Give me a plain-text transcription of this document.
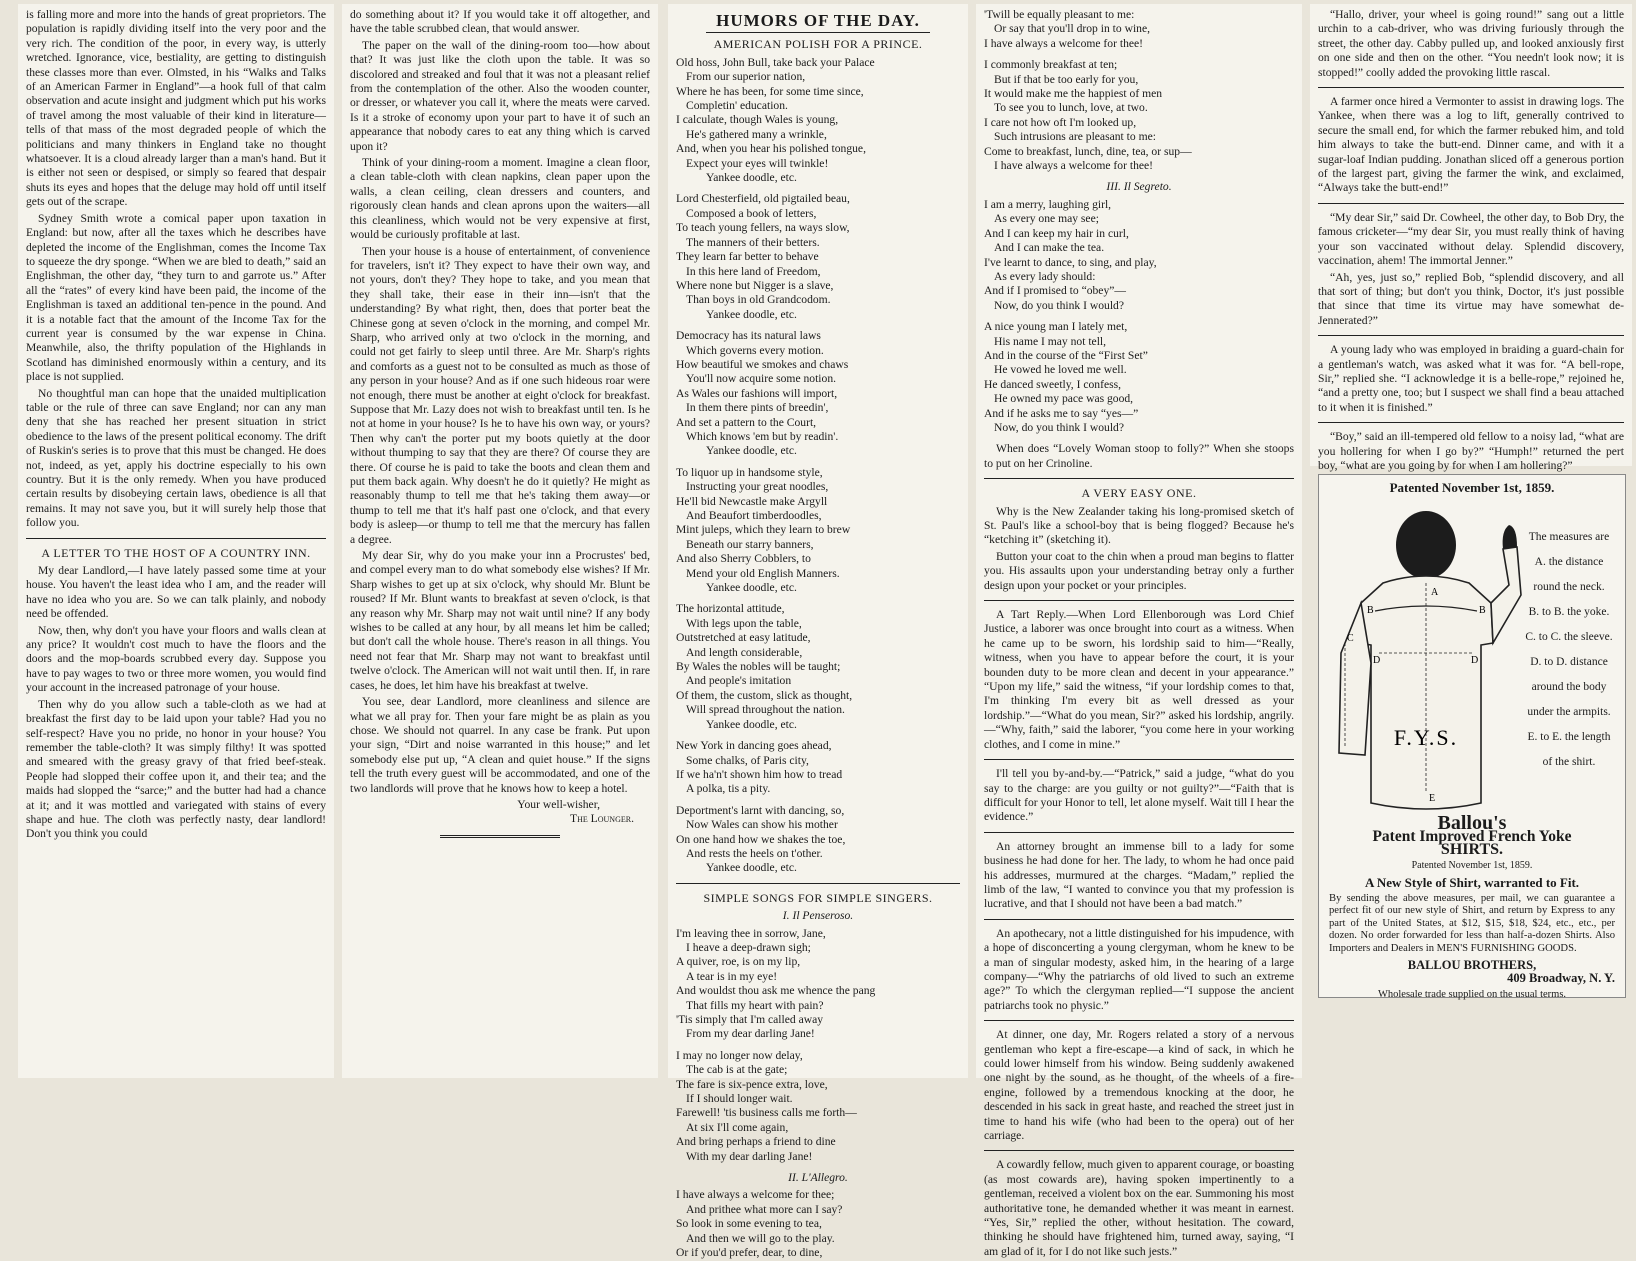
is falling more and more into the hands of great proprietors. The population is rapidly dividing itself into the very poor and the very rich. The condition of the poor, in every way, is utterly wretched. Ignorance, vice, bestiality, are getting to distinguish these classes more than ever. Olmsted, in his “Walks and Talks of an American Farmer in England”—a hook full of that calm observation and acute insight and judgment which put his works of travel among the most valuable of their kind in literature—tells of that mass of the most degraded people of which the politicians and many thinkers in England take no thought whatsoever. It is a cloud already larger than a man's hand. But it is either not seen or despised, or simply so feared that despair shuts its eyes and hopes that the deluge may hold off until itself gets out of the scrape.

Sydney Smith wrote a comical paper upon taxation in England: but now, after all the taxes which he describes have depleted the income of the Englishman, comes the Income Tax to squeeze the dry sponge. “When we are bled to death,” said an Englishman, the other day, “they turn to and garrote us.” After all the “rates” of every kind have been paid, the income of the Englishman is taxed an additional ten-pence in the pound. And it is a notable fact that the amount of the Income Tax for the current year is consumed by the war expense in China. Meanwhile, also, the thrifty population of the Highlands in Scotland has diminished enormously within a century, and its place is not supplied.

No thoughtful man can hope that the unaided multiplication table or the rule of three can save England; nor can any man deny that she has reached her present situation in strict obedience to the laws of the present political economy. The drift of Ruskin's series is to prove that this must be changed. He does not, indeed, as yet, apply his doctrine especially to his own country. But it is the only remedy. When you have produced certain results by disobeying certain laws, obedience is all that remains. It may not save you, but it will surely help those that follow you.

A LETTER TO THE HOST OF A COUNTRY INN.

My dear Landlord,—I have lately passed some time at your house. You haven't the least idea who I am, and the reader will have no idea who you are. So we can talk plainly, and nobody need be offended.

Now, then, why don't you have your floors and walls clean at any price? It wouldn't cost much to have the floors and the doors and the mop-boards scrubbed every day. Suppose you have to pay wages to two or three more women, you would find your account in the increased patronage of your house.

Then why do you allow such a table-cloth as we had at breakfast the first day to be laid upon your table? Had you no self-respect? Have you no pride, no honor in your house? You remember the table-cloth? It was simply filthy! It was spotted and smeared with the greasy gravy of that fried beef-steak. People had slopped their coffee upon it, and their tea; and the maids had slopped the “sarce;” and the butter had had a chance at it; and it was mottled and variegated with stains of every shape and hue. The cloth was perfectly nasty, dear landlord! Don't you think you could

do something about it? If you would take it off altogether, and have the table scrubbed clean, that would answer.

The paper on the wall of the dining-room too—how about that? It was just like the cloth upon the table. It was so discolored and streaked and foul that it was not a pleasant relief from the contemplation of the other. Also the wooden counter, or dresser, or whatever you call it, where the meats were carved. Is it a stroke of economy upon your part to have it of such an appearance that nobody cares to eat any thing which is carved upon it?

Think of your dining-room a moment. Imagine a clean floor, a clean table-cloth with clean napkins, clean paper upon the walls, a clean ceiling, clean dressers and counters, and rigorously clean hands and clean aprons upon the waiters—all this cleanliness, which would not be very expensive at first, would be curiously profitable at last.

Then your house is a house of entertainment, of convenience for travelers, isn't it? They expect to have their own way, and not yours, don't they? They hope to take, and you mean that they shall take, their ease in their inn—isn't that the understanding? By what right, then, does that porter beat the Chinese gong at seven o'clock in the morning, and compel Mr. Sharp, who arrived only at two o'clock in the morning, and could not get fairly to sleep until three. Are Mr. Sharp's rights and comforts as a guest not to be consulted as much as those of any person in your house? And as if one such hideous roar were not enough, there must be another at eight o'clock for breakfast. Suppose that Mr. Lazy does not wish to breakfast until ten. Is he not at home in your house? Is he to have his own way, or yours? Then why can't the porter put my boots quietly at the door without thumping to say that they are there? Of course they are there. Of course he is paid to take the boots and clean them and put them back again. Why doesn't he do it quietly? He might as reasonably thump to tell me that he's taking them away—or thump to tell me that it's half past one o'clock, and that every body is asleep—or thump to tell me that the mercury has fallen a degree.

My dear Sir, why do you make your inn a Procrustes' bed, and compel every man to do what somebody else wishes? If Mr. Sharp wishes to get up at six o'clock, why should Mr. Blunt be roused? If Mr. Blunt wants to breakfast at seven o'clock, is that any reason why Mr. Sharp may not wait until nine? If any body wishes to be called at any hour, by all means let him be called; but don't call the whole house. There's reason in all things. You need not fear that Mr. Sharp may not want to breakfast until twelve o'clock. The American will not wait until then. If, in rare cases, he does, let him have his breakfast at twelve.

You see, dear Landlord, more cleanliness and silence are what we all pray for. Then your fare might be as plain as you chose. We should not quarrel. In any case be frank. Put upon your sign, “Dirt and noise warranted in this house;” and let somebody else put up, “A clean and quiet house.” If the signs tell the truth every guest will be accommodated, and one of the two landlords will prove that he knows how to keep a hotel.

Your well-wisher,
The Lounger.
HUMORS OF THE DAY.
AMERICAN POLISH FOR A PRINCE.
Old hoss, John Bull, take back your Palace
From our superior nation,
Where he has been, for some time since,
Completin' education.
I calculate, though Wales is young,
He's gathered many a wrinkle,
And, when you hear his polished tongue,
Expect your eyes will twinkle!
Yankee doodle, etc.
Lord Chesterfield, old pigtailed beau,
Composed a book of letters,
To teach young fellers, na ways slow,
The manners of their betters.
They learn far better to behave
In this here land of Freedom,
Where none but Nigger is a slave,
Than boys in old Grandcodom.
Yankee doodle, etc.
Democracy has its natural laws
Which governs every motion.
How beautiful we smokes and chaws
You'll now acquire some notion.
As Wales our fashions will import,
In them there pints of breedin',
And set a pattern to the Court,
Which knows 'em but by readin'.
Yankee doodle, etc.
To liquor up in handsome style,
Instructing your great noodles,
He'll bid Newcastle make Argyll
And Beaufort timberdoodles,
Mint juleps, which they learn to brew
Beneath our starry banners,
And also Sherry Cobblers, to
Mend your old English Manners.
Yankee doodle, etc.
The horizontal attitude,
With legs upon the table,
Outstretched at easy latitude,
And length considerable,
By Wales the nobles will be taught;
And people's imitation
Of them, the custom, slick as thought,
Will spread throughout the nation.
Yankee doodle, etc.
New York in dancing goes ahead,
Some chalks, of Paris city,
If we ha'n't shown him how to tread
A polka, tis a pity.
Deportment's larnt with dancing, so,
Now Wales can show his mother
On one hand how we shakes the toe,
And rests the heels on t'other.
Yankee doodle, etc.
SIMPLE SONGS FOR SIMPLE SINGERS.
I. Il Penseroso.
I'm leaving thee in sorrow, Jane,
I heave a deep-drawn sigh;
A quiver, roe, is on my lip,
A tear is in my eye!
And wouldst thou ask me whence the pang
That fills my heart with pain?
'Tis simply that I'm called away
From my dear darling Jane!
I may no longer now delay,
The cab is at the gate;
The fare is six-pence extra, love,
If I should longer wait.
Farewell! 'tis business calls me forth—
At six I'll come again,
And bring perhaps a friend to dine
With my dear darling Jane!
II. L'Allegro.
I have always a welcome for thee;
And prithee what more can I say?
So look in some evening to tea,
And then we will go to the play.
Or if you'd prefer, dear, to dine,
'Twill be equally pleasant to me:
Or say that you'll drop in to wine,
I have always a welcome for thee!
I commonly breakfast at ten;
But if that be too early for you,
It would make me the happiest of men
To see you to lunch, love, at two.
I care not how oft I'm looked up,
Such intrusions are pleasant to me:
Come to breakfast, lunch, dine, tea, or sup—
I have always a welcome for thee!
III. Il Segreto.
I am a merry, laughing girl,
As every one may see;
And I can keep my hair in curl,
And I can make the tea.
I've learnt to dance, to sing, and play,
As every lady should:
And if I promised to “obey”—
Now, do you think I would?
A nice young man I lately met,
His name I may not tell,
And in the course of the “First Set”
He vowed he loved me well.
He danced sweetly, I confess,
He owned my pace was good,
And if he asks me to say “yes—”
Now, do you think I would?

When does “Lovely Woman stoop to folly?” When she stoops to put on her Crinoline.

A VERY EASY ONE.

Why is the New Zealander taking his long-promised sketch of St. Paul's like a school-boy that is being flogged? Because he's “ketching it” (sketching it).

Button your coat to the chin when a proud man begins to flatter you. His assaults upon your understanding betray only a further design upon your pocket or your principles.

A Tart Reply.—When Lord Ellenborough was Lord Chief Justice, a laborer was once brought into court as a witness. When he came up to be sworn, his lordship said to him—“Really, witness, when you have to appear before the court, it is your bounden duty to be more clean and decent in your appearance.” “Upon my life,” said the witness, “if your lordship comes to that, I'm thinking I'm every bit as well dressed as your lordship.”—“What do you mean, Sir?” asked his lordship, angrily.—“Why, faith,” said the laborer, “you come here in your working clothes, and I come in mine.”

I'll tell you by-and-by.—“Patrick,” said a judge, “what do you say to the charge: are you guilty or not guilty?”—“Faith that is difficult for your Honor to tell, let alone myself. Wait till I hear the evidence.”

An attorney brought an immense bill to a lady for some business he had done for her. The lady, to whom he had once paid his addresses, murmured at the charges. “Madam,” replied the limb of the law, “I wanted to convince you that my profession is lucrative, and that I should not have been a bad match.”

An apothecary, not a little distinguished for his impudence, with a hope of disconcerting a young clergyman, whom he knew to be a man of singular modesty, asked him, in the hearing of a large company—“Why the patriarchs of old lived to such an extreme age?” To which the clergyman replied—“I suppose the ancient patriarchs took no physic.”

At dinner, one day, Mr. Rogers related a story of a nervous gentleman who kept a fire-escape—a kind of sack, in which he could lower himself from his window. Being suddenly awakened one night by the sound, as he thought, of the wheels of a fire-engine, followed by a tremendous knocking at the door, he descended in his sack in great haste, and reached the street just in time to hand his wife (who had been to the opera) out of her carriage.

A cowardly fellow, much given to apparent courage, or boasting (as most cowards are), having spoken impertinently to a gentleman, received a violent box on the ear. Summoning his most authoritative tone, he demanded whether it was meant in earnest. “Yes, Sir,” replied the other, without hesitation. The coward, thinking he should have frightened him, turned away, saying, “I am glad of it, for I do not like such jests.”

“Hallo, driver, your wheel is going round!” sang out a little urchin to a cab-driver, who was driving furiously through the street, the other day. Cabby pulled up, and looked anxiously first on one side and then on the other. “You needn't look now; it is stopped!” coolly added the provoking little rascal.

A farmer once hired a Vermonter to assist in drawing logs. The Yankee, when there was a log to lift, generally contrived to secure the small end, for which the farmer rebuked him, and told him always to take the butt-end. Dinner came, and with it a sugar-loaf Indian pudding. Jonathan sliced off a generous portion of the largest part, giving the farmer the wink, and exclaimed, “Always take the butt-end!”

“My dear Sir,” said Dr. Cowheel, the other day, to Bob Dry, the famous cricketer—“my dear Sir, you must really think of having your son vaccinated without delay. Splendid discovery, vaccination, ahem! The immortal Jenner.”

“Ah, yes, just so,” replied Bob, “splendid discovery, and all that sort of thing; but don't you think, Doctor, it's just possible that since that time its virtue may have somewhat de-Jennerated?”

A young lady who was employed in braiding a guard-chain for a gentleman's watch, was asked what it was for. “A bell-rope, Sir,” replied she. “I acknowledge it is a belle-rope,” rejoined he, “and a pretty one, too; but I suspect we shall find a beau attached to it when it is finished.”

“Boy,” said an ill-tempered old fellow to a noisy lad, “what are you hollering for when I go by?” “Humph!” returned the pert boy, “what are you going by for when I am hollering?”

Patented November 1st, 1859.
A
B	B
C
D	D
E
F.Y.S.
The measures are
A. the distance
round the neck.
B. to B. the yoke.
C. to C. the sleeve.
D. to D. distance
around the body
under the armpits.
E. to E. the length
of the shirt.
Ballou's
Patent Improved French Yoke
SHIRTS.
Patented November 1st, 1859.
A New Style of Shirt, warranted to Fit.
By sending the above measures, per mail, we can guarantee a perfect fit of our new style of Shirt, and return by Express to any part of the United States, at $12, $15, $18, $24, etc., etc., per dozen. No order forwarded for less than half-a-dozen Shirts. Also Importers and Dealers in MEN'S FURNISHING GOODS.
BALLOU BROTHERS,
409 Broadway, N. Y.
Wholesale trade supplied on the usual terms.
